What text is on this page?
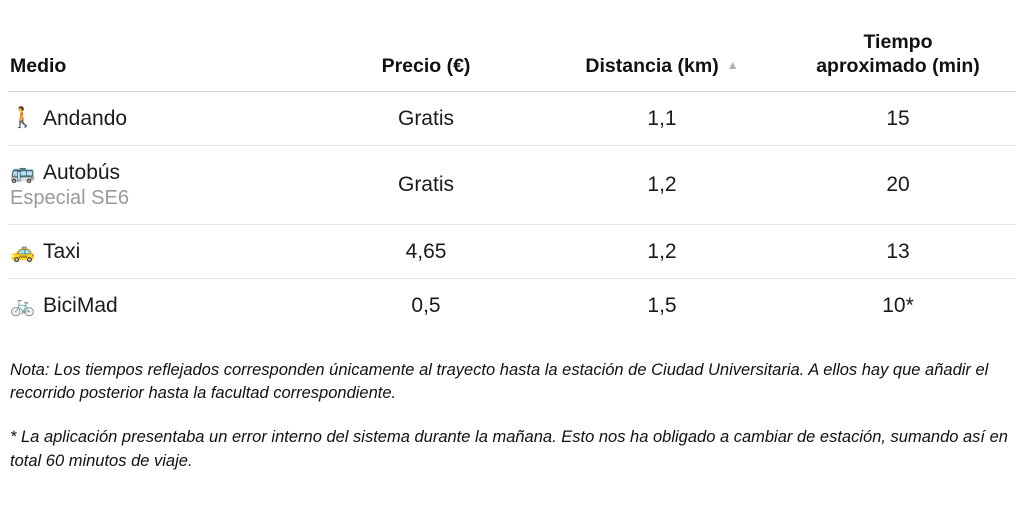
Medio	Precio (€)	Distancia (km) ▲	Tiempo
aproximado (min)

🚶 Andando	Gratis	1,1	15

🚌 Autobús
Especial SE6	Gratis	1,2	20

🚕 Taxi	4,65	1,2	13

🚲 BiciMad	0,5	1,5	10*

Nota: Los tiempos reflejados corresponden únicamente al trayecto hasta la estación de Ciudad Universitaria. A ellos hay que añadir el recorrido posterior hasta la facultad correspondiente.

* La aplicación presentaba un error interno del sistema durante la mañana. Esto nos ha obligado a cambiar de estación, sumando así en total 60 minutos de viaje.
